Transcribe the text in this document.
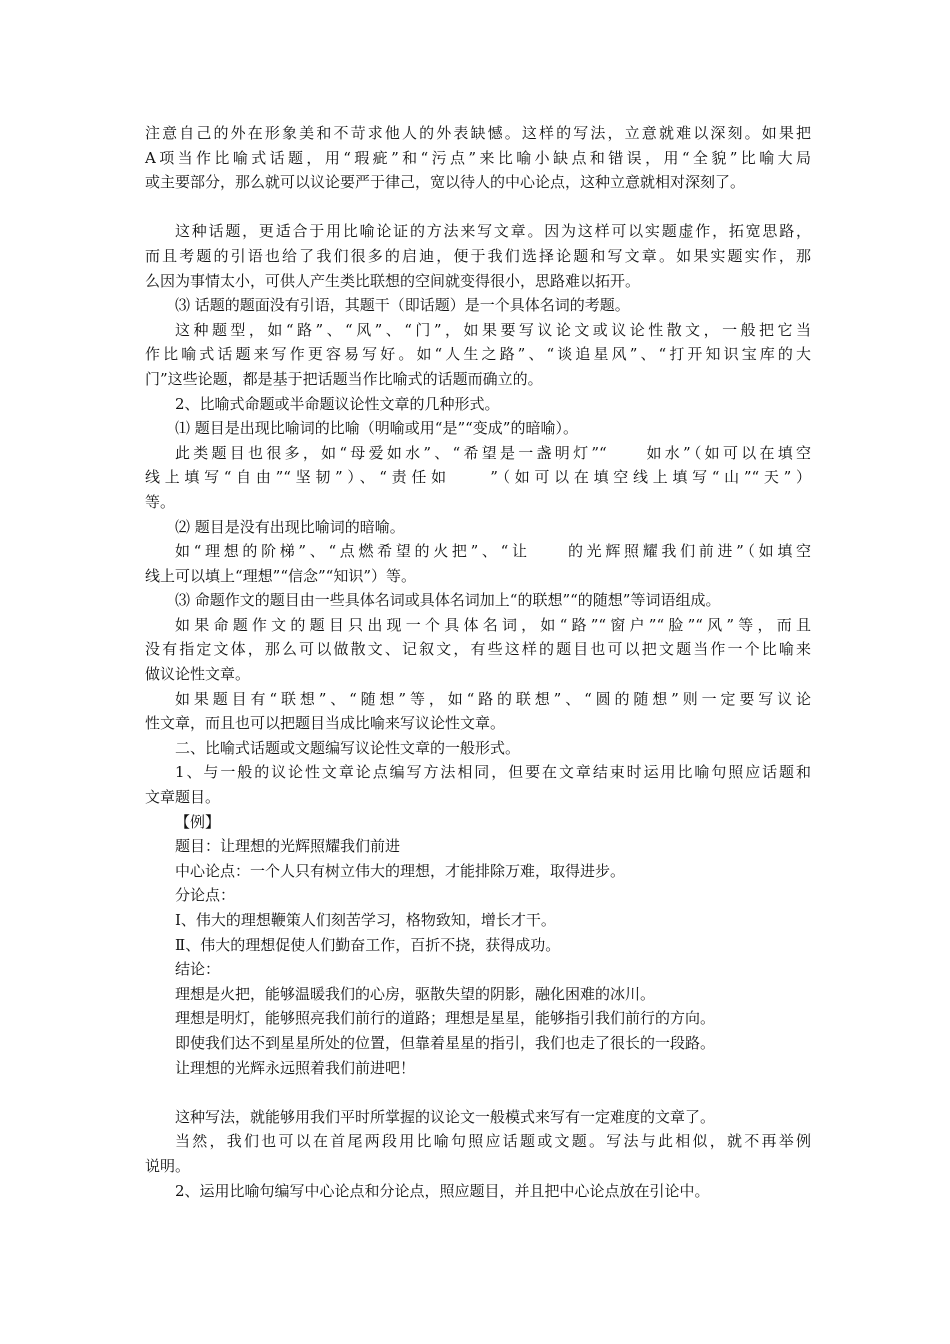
注意自己的外在形象美和不苛求他人的外表缺憾。这样的写法，立意就难以深刻。如果把

A项当作比喻式话题，用“瑕疵”和“污点”来比喻小缺点和错误，用“全貌”比喻大局

或主要部分，那么就可以议论要严于律己，宽以待人的中心论点，这种立意就相对深刻了。

这种话题，更适合于用比喻论证的方法来写文章。因为这样可以实题虚作，拓宽思路，

而且考题的引语也给了我们很多的启迪，便于我们选择论题和写文章。如果实题实作，那

么因为事情太小，可供人产生类比联想的空间就变得很小，思路难以拓开。

⑶ 话题的题面没有引语，其题干（即话题）是一个具体名词的考题。

这种题型，如“路”、“风”、“门”，如果要写议论文或议论性散文，一般把它当

作比喻式话题来写作更容易写好。如“人生之路”、“谈追星风”、“打开知识宝库的大

门”这些论题，都是基于把话题当作比喻式的话题而确立的。

2、比喻式命题或半命题议论性文章的几种形式。

⑴ 题目是出现比喻词的比喻（明喻或用“是”“变成”的暗喻）。

此类题目也很多，如“母爱如水”、“希望是一盏明灯”“　　如水”（如可以在填空

线上填写“自由”“坚韧”）、“责任如　　”（如可以在填空线上填写“山”“天”）

等。

⑵ 题目是没有出现比喻词的暗喻。

如“理想的阶梯”、“点燃希望的火把”、“让　　的光辉照耀我们前进”（如填空

线上可以填上“理想”“信念”“知识”）等。

⑶ 命题作文的题目由一些具体名词或具体名词加上“的联想”“的随想”等词语组成。

如果命题作文的题目只出现一个具体名词，如“路”“窗户”“脸”“风”等，而且

没有指定文体，那么可以做散文、记叙文，有些这样的题目也可以把文题当作一个比喻来

做议论性文章。

如果题目有“联想”、“随想”等，如“路的联想”、“圆的随想”则一定要写议论

性文章，而且也可以把题目当成比喻来写议论性文章。

二、比喻式话题或文题编写议论性文章的一般形式。

1、与一般的议论性文章论点编写方法相同，但要在文章结束时运用比喻句照应话题和

文章题目。

【例】

题目：让理想的光辉照耀我们前进

中心论点：一个人只有树立伟大的理想，才能排除万难，取得进步。

分论点：

Ⅰ、伟大的理想鞭策人们刻苦学习，格物致知，增长才干。

Ⅱ、伟大的理想促使人们勤奋工作，百折不挠，获得成功。

结论：

理想是火把，能够温暖我们的心房，驱散失望的阴影，融化困难的冰川。

理想是明灯，能够照亮我们前行的道路；理想是星星，能够指引我们前行的方向。

即使我们达不到星星所处的位置，但靠着星星的指引，我们也走了很长的一段路。

让理想的光辉永远照着我们前进吧！

这种写法，就能够用我们平时所掌握的议论文一般模式来写有一定难度的文章了。

当然，我们也可以在首尾两段用比喻句照应话题或文题。写法与此相似，就不再举例

说明。

2、运用比喻句编写中心论点和分论点，照应题目，并且把中心论点放在引论中。
